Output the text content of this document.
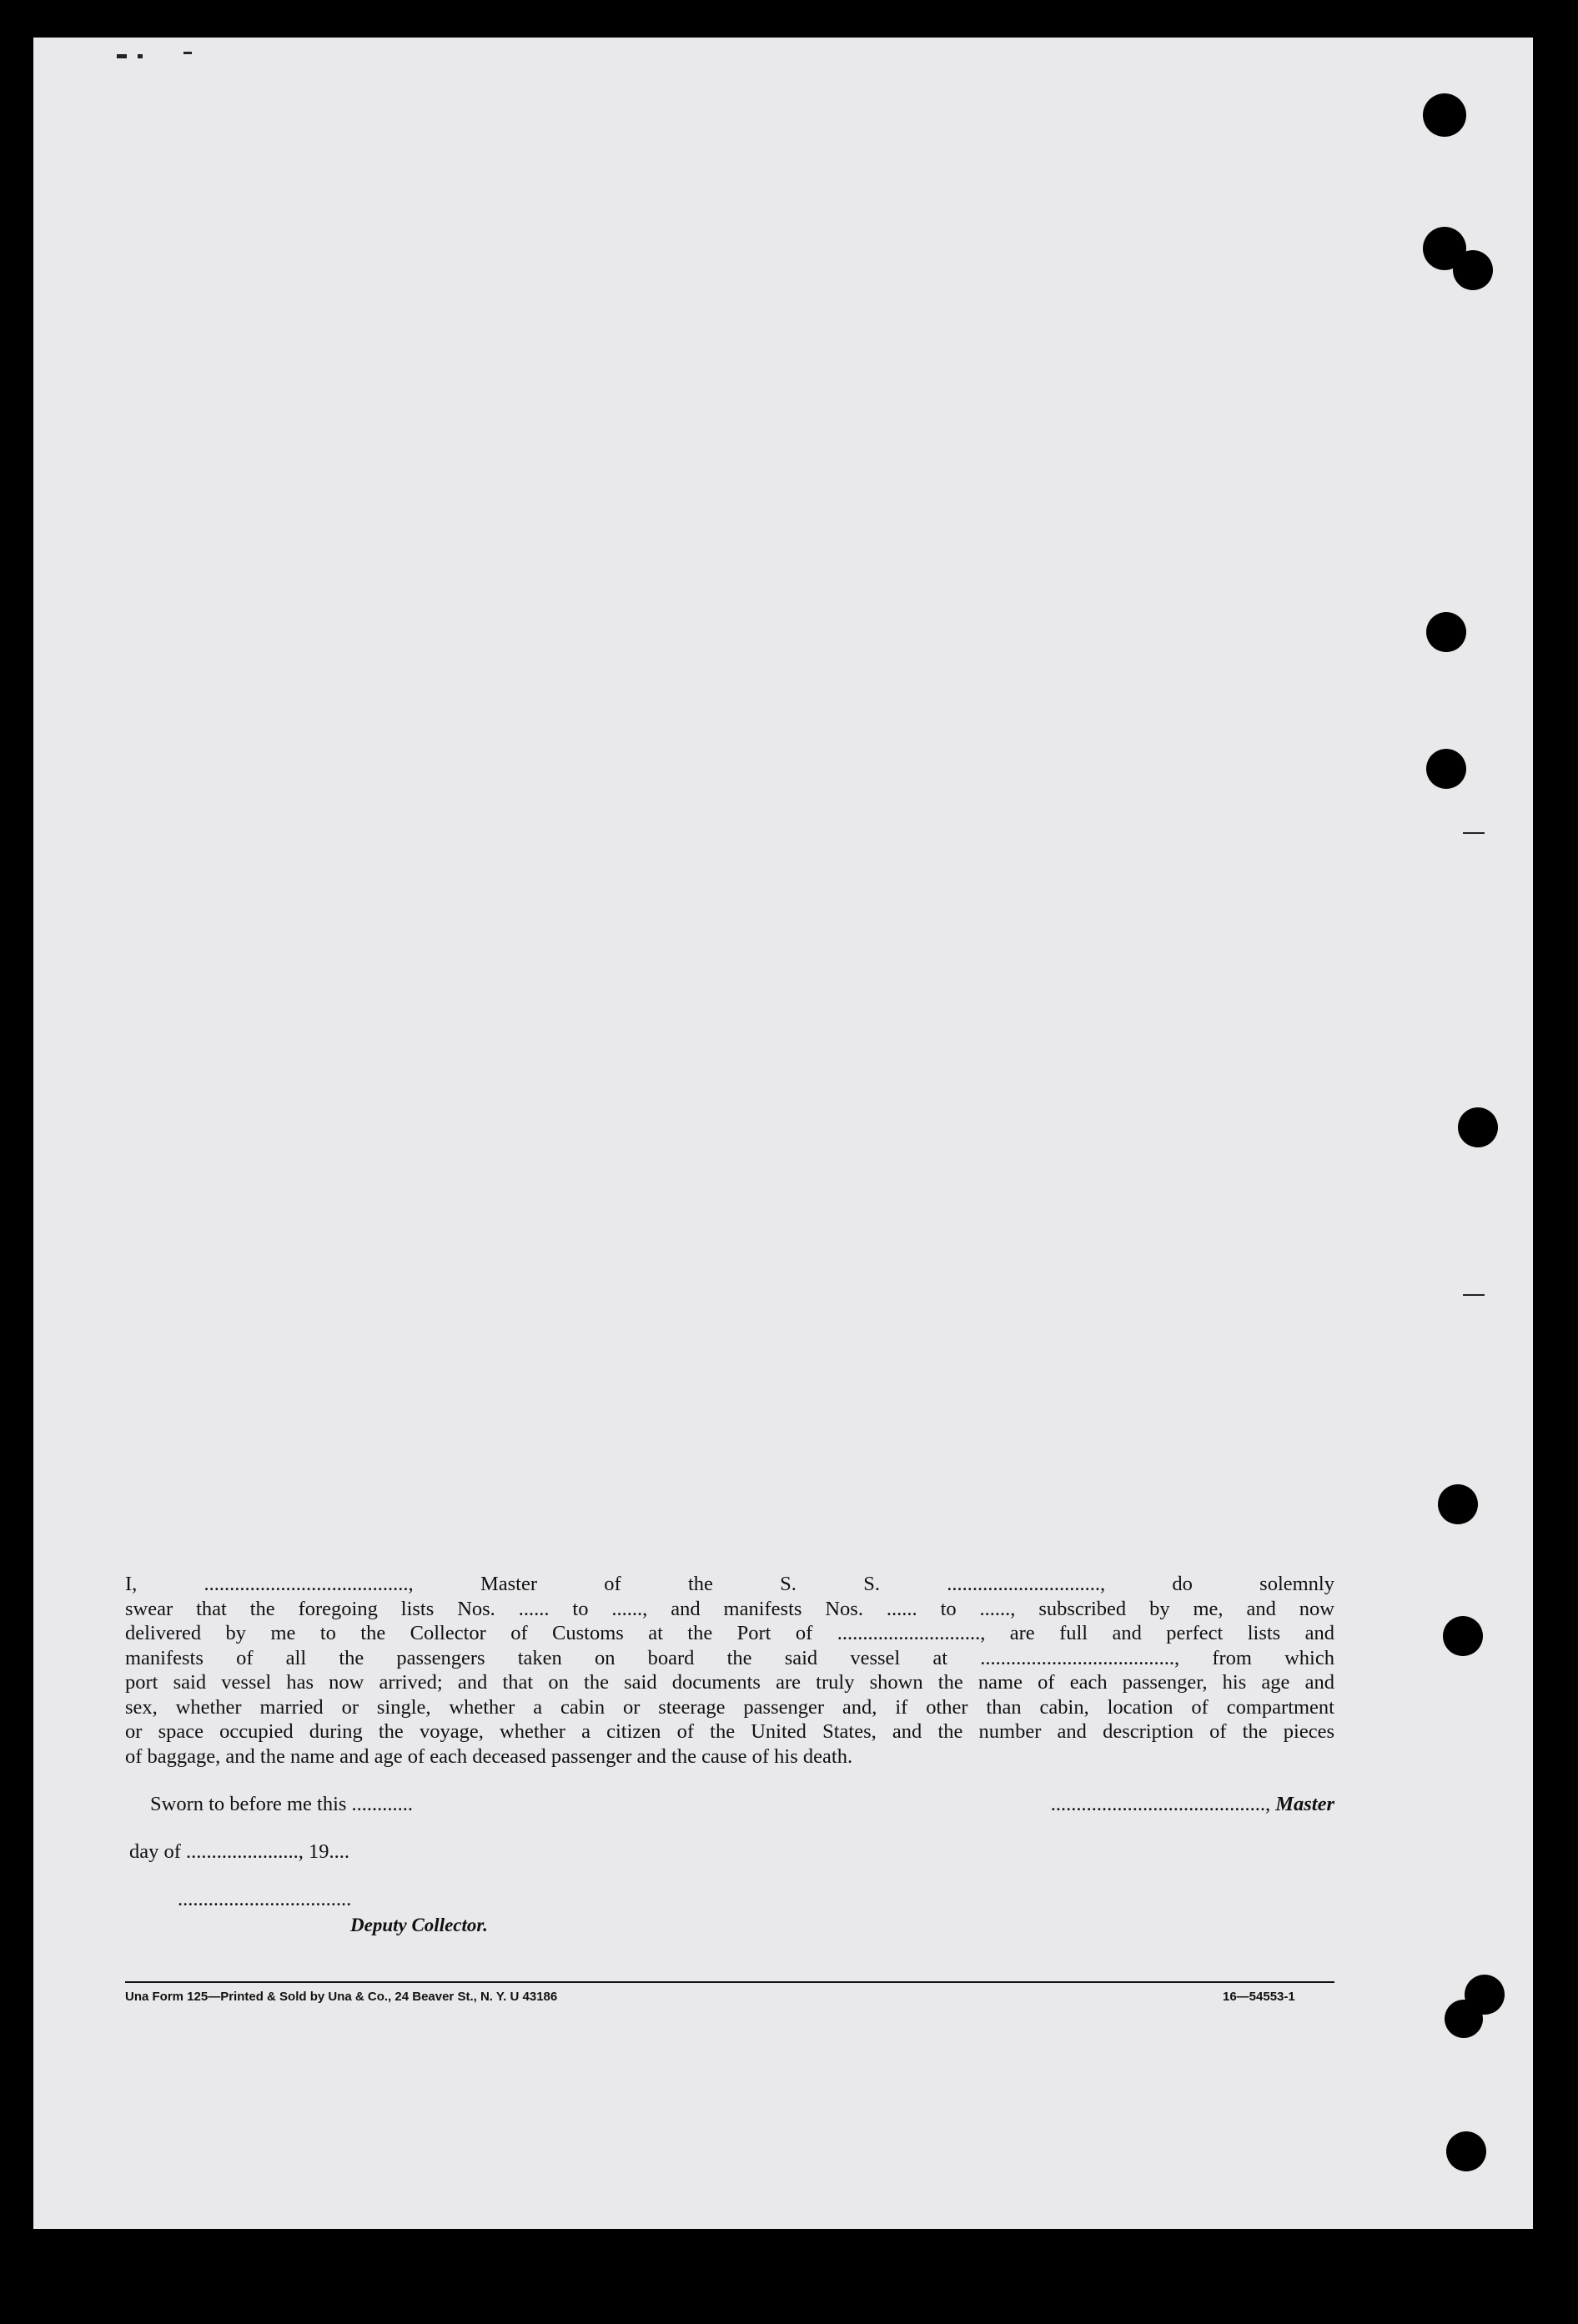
I, ........................................, Master of the S. S. .............................., do solemnly

swear that the foregoing lists Nos. ...... to ......, and manifests Nos. ...... to ......, subscribed by me, and now

delivered by me to the Collector of Customs at the Port of ............................, are full and perfect lists and

manifests of all the passengers taken on board the said vessel at ......................................, from which

port said vessel has now arrived; and that on the said documents are truly shown the name of each passenger, his age and

sex, whether married or single, whether a cabin or steerage passenger and, if other than cabin, location of compartment

or space occupied during the voyage, whether a citizen of the United States, and the number and description of the pieces

of baggage, and the name and age of each deceased passenger and the cause of his death.

Sworn to before me this ............	.........................................., Master
day of ......................, 19....
..................................
Deputy Collector.
Una Form 125—Printed & Sold by Una & Co., 24 Beaver St., N. Y. U 43186	16—54553-1
